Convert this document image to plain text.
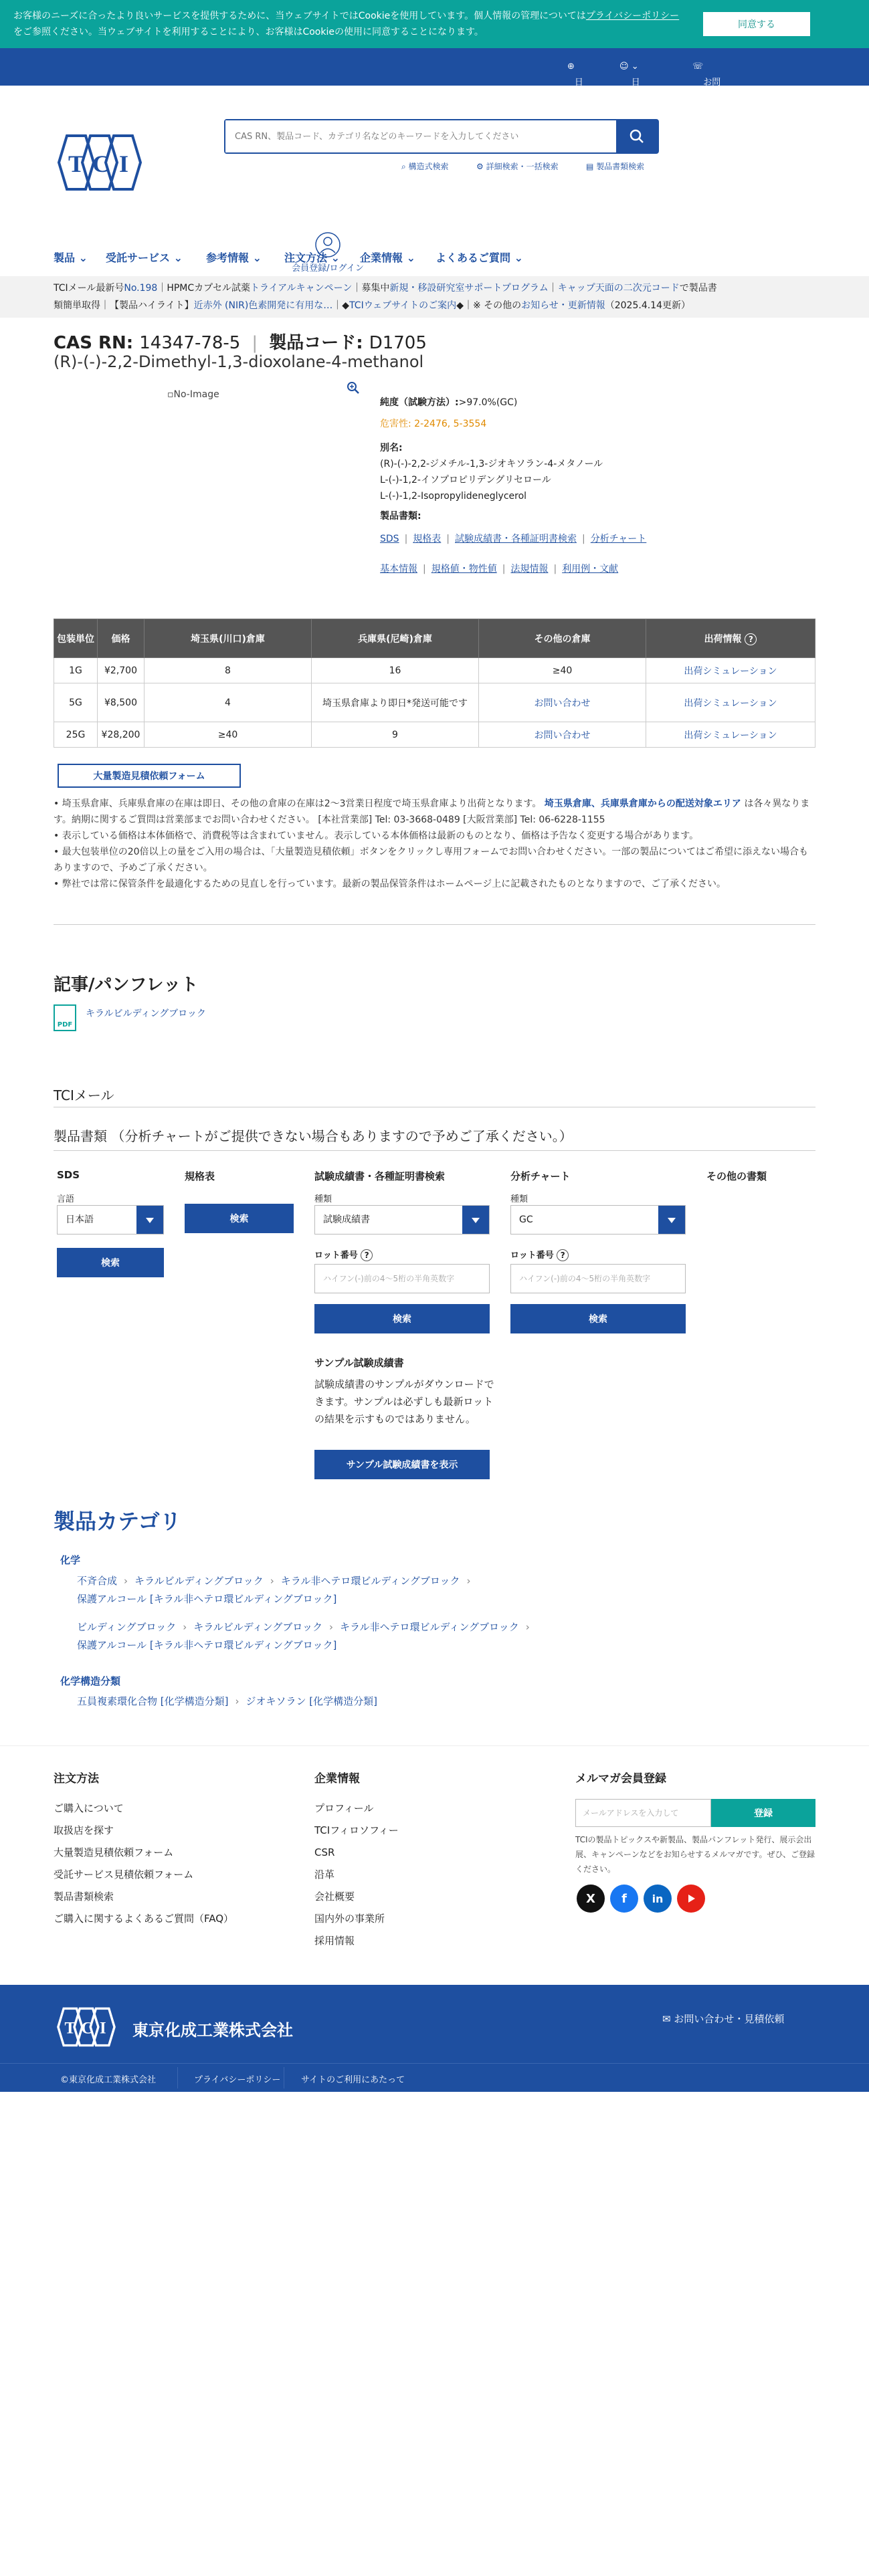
お客様のニーズに合ったより良いサービスを提供するために、当ウェブサイトではCookieを使用しています。個人情報の管理についてはプライバシーポリシーをご参照ください。当ウェブサイトを利用することにより、お客様はCookieの使用に同意することになります。

同意する
⊕
日本
☺
日本語
⌄	☏
お問い合わせ・見積依頼
T C I
CAS RN、製品コード、カテゴリ名などのキーワードを入力してください	⌕ 構造式検索	⚙ 詳細検索・一括検索	▤ 製品書類検索
会員登録/ログイン
製品 ⌄ 受託サービス ⌄ 参考情報 ⌄ 注文方法 ⌄ 企業情報 ⌄ よくあるご質問 ⌄
TCIメール最新号No.198｜HPMCカプセル試薬トライアルキャンペーン｜募集中新規・移設研究室サポートプログラム｜キャップ天面の二次元コードで製品書
類簡単取得｜【製品ハイライト】近赤外 (NIR)色素開発に有用な…｜◆TCIウェブサイトのご案内◆｜※ その他のお知らせ・更新情報（2025.4.14更新）
CAS RN: 14347-78-5 | 製品コード: D1705
(R)-(-)-2,2-Dimethyl-1,3-dioxolane-4-methanol
▫No-Image
純度（試験方法）:>97.0%(GC)
危害性: 2-2476, 5-3554
別名:
(R)-(-)-2,2-ジメチル-1,3-ジオキソラン-4-メタノール
L-(-)-1,2-イソプロピリデングリセロール
L-(-)-1,2-Isopropylideneglycerol
製品書類:
SDS | 規格表 | 試験成績書・各種証明書検索 | 分析チャート
基本情報 | 規格値・物性値 | 法規情報 | 利用例・文献
包装単位	価格	埼玉県(川口)倉庫	兵庫県(尼崎)倉庫	その他の倉庫	出荷情報 ?
1G	¥2,700	8	16	≥40	出荷シミュレーション
5G	¥8,500	4	埼玉県倉庫より即日*発送可能です	お問い合わせ	出荷シミュレーション
25G	¥28,200	≥40	9	お問い合わせ	出荷シミュレーション
大量製造見積依頼フォーム
• 埼玉県倉庫、兵庫県倉庫の在庫は即日、その他の倉庫の在庫は2〜3営業日程度で埼玉県倉庫より出荷となります。 埼玉県倉庫、兵庫県倉庫からの配送対象エリア は各々異なります。納期に関するご質問は営業部までお問い合わせください。 [本社営業部] Tel: 03-3668-0489 [大阪営業部] Tel: 06-6228-1155
• 表示している価格は本体価格で、消費税等は含まれていません。表示している本体価格は最新のものとなり、価格は予告なく変更する場合があります。
• 最大包装単位の20倍以上の量をご入用の場合は、「大量製造見積依頼」ボタンをクリックし専用フォームでお問い合わせください。一部の製品についてはご希望に添えない場合もありますので、予めご了承ください。
• 弊社では常に保管条件を最適化するための見直しを行っています。最新の製品保管条件はホームページ上に記載されたものとなりますので、ご了承ください。
記事/パンフレット
PDF
キラルビルディングブロック
TCIメール
製品書類 （分析チャートがご提供できない場合もありますので予めご了承ください。）
SDS
言語
日本語
検索
規格表
検索
試験成績書・各種証明書検索
種類
試験成績書
ロット番号 ?
ハイフン(-)前の4～5桁の半角英数字
検索
分析チャート
種類
GC
ロット番号 ?
ハイフン(-)前の4～5桁の半角英数字
検索
その他の書類
サンプル試験成績書
試験成績書のサンプルがダウンロードできます。サンプルは必ずしも最新ロットの結果を示すものではありません。
サンプル試験成績書を表示
製品カテゴリ
化学
不斉合成 › キラルビルディングブロック › キラル非ヘテロ環ビルディングブロック ›
保護アルコール [キラル非ヘテロ環ビルディングブロック]
ビルディングブロック › キラルビルディングブロック › キラル非ヘテロ環ビルディングブロック ›
保護アルコール [キラル非ヘテロ環ビルディングブロック]
化学構造分類
五員複素環化合物 [化学構造分類] › ジオキソラン [化学構造分類]
注文方法
ご購入について
取扱店を探す
大量製造見積依頼フォーム
受託サービス見積依頼フォーム
製品書類検索
ご購入に関するよくあるご質問（FAQ）
企業情報
プロフィール
TCIフィロソフィー
CSR
沿革
会社概要
国内外の事業所
採用情報
メルマガ会員登録
メールアドレスを入力して	登録
TCIの製品トピックスや新製品、製品パンフレット発行、展示会出展、キャンペーンなどをお知らせするメルマガです。ぜひ、ご登録ください。
X	f	in
T C I 東京化成工業株式会社
✉ お問い合わせ・見積依頼
©東京化成工業株式会社	プライバシーポリシー サイトのご利用にあたって
